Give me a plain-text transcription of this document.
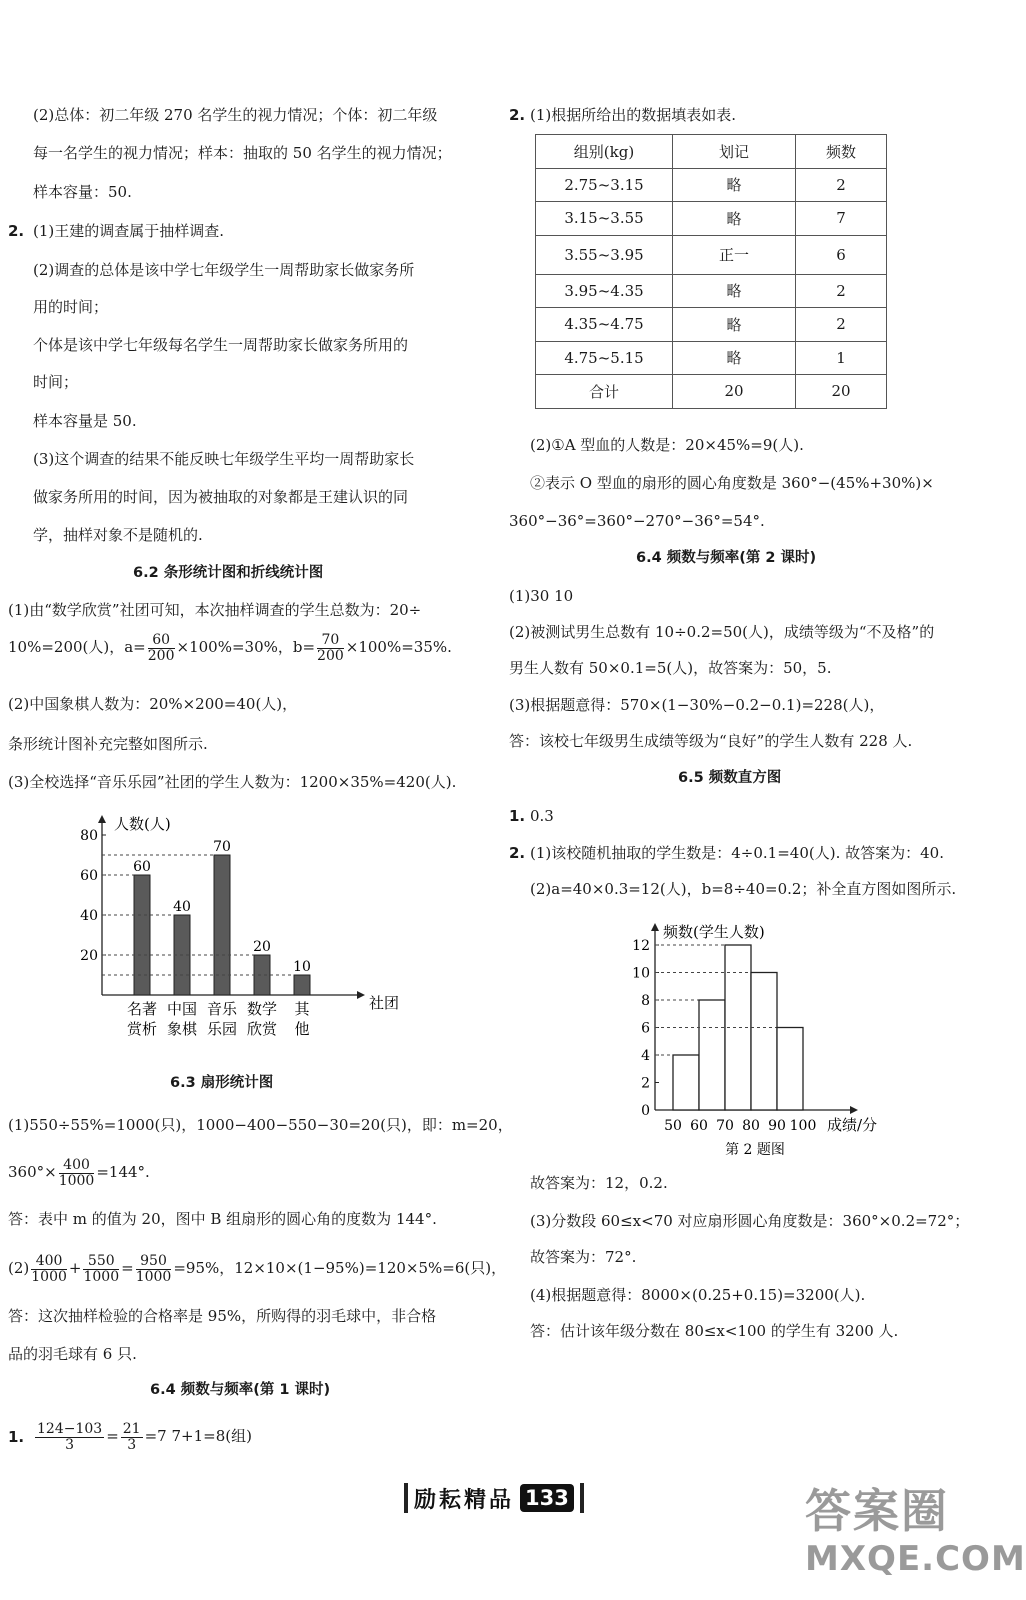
(2)总体：初二年级 270 名学生的视力情况；个体：初二年级
每一名学生的视力情况；样本：抽取的 50 名学生的视力情况；
样本容量：50.
2. (1)王建的调查属于抽样调查.
(2)调查的总体是该中学七年级学生一周帮助家长做家务所
用的时间；
个体是该中学七年级每名学生一周帮助家长做家务所用的
时间；
样本容量是 50.
(3)这个调查的结果不能反映七年级学生平均一周帮助家长
做家务所用的时间，因为被抽取的对象都是王建认识的同
学，抽样对象不是随机的.
6.2 条形统计图和折线统计图
(1)由“数学欣赏”社团可知，本次抽样调查的学生总数为：20÷
10%=200(人)，$a= \frac{60}{200} \times 100\%=30\%$，$b= \frac{70}{200} \times 100\%=35\%$.
(2)中国象棋人数为：20%×200=40(人)，
条形统计图补充完整如图所示.
(3)全校选择“音乐乐园”社团的学生人数为：1200×35%=420(人).
人数(人)
社团
20
40
60
80
60
名著
赏析
40
中国
象棋
70
音乐
乐园
20
数学
欣赏
10
其
他
6.3 扇形统计图
(1)550÷55%=1000(只)，1000−400−550−30=20(只)，即：m=20，
$360^\circ\times \frac{400}{1000} =144^\circ$.
答：表中 m 的值为 20，图中 B 组扇形的圆心角的度数为 144°.
$(2) \frac{400}{1000} + \frac{550}{1000} = \frac{950}{1000} =95\%$，12×10×(1−95%)=120×5%=6(只)，
答：这次抽样检验的合格率是 95%，所购得的羽毛球中，非合格
品的羽毛球有 6 只.
6.4 频数与频率(第 1 课时)
1. $\frac{124-103}{3} = \frac{21}{3} =7$ 7+1=8(组)
2. (1)根据所给出的数据填表如表.
组别(kg)	划记	频数
2.75~3.15	略	2
3.15~3.55	略	7
3.55~3.95	正一	6
3.95~4.35	略	2
4.35~4.75	略	2
4.75~5.15	略	1
合计	20	20
(2)①A 型血的人数是：20×45%=9(人).
②表示 O 型血的扇形的圆心角度数是 360°−(45%+30%)×
360°−36°=360°−270°−36°=54°.
6.4 频数与频率(第 2 课时)
(1)30 10
(2)被测试男生总数有 10÷0.2=50(人)，成绩等级为“不及格”的
男生人数有 50×0.1=5(人)，故答案为：50，5.
(3)根据题意得：570×(1−30%−0.2−0.1)=228(人)，
答：该校七年级男生成绩等级为“良好”的学生人数有 228 人.
6.5 频数直方图
1. 0.3
2. (1)该校随机抽取的学生数是：4÷0.1=40(人). 故答案为：40.
(2)a=40×0.3=12(人)，b=8÷40=0.2；补全直方图如图所示.
频数(学生人数)
成绩/分
0
2
4
6
8
10
12
50 60 70 80 90 100
第 2 题图
故答案为：12，0.2.
(3)分数段 60≤x<70 对应扇形圆心角度数是：360°×0.2=72°；
故答案为：72°.
(4)根据题意得：8000×(0.25+0.15)=3200(人).
答：估计该年级分数在 80≤x<100 的学生有 3200 人.
励耘精品 133	答案圈
MXQE.COM
